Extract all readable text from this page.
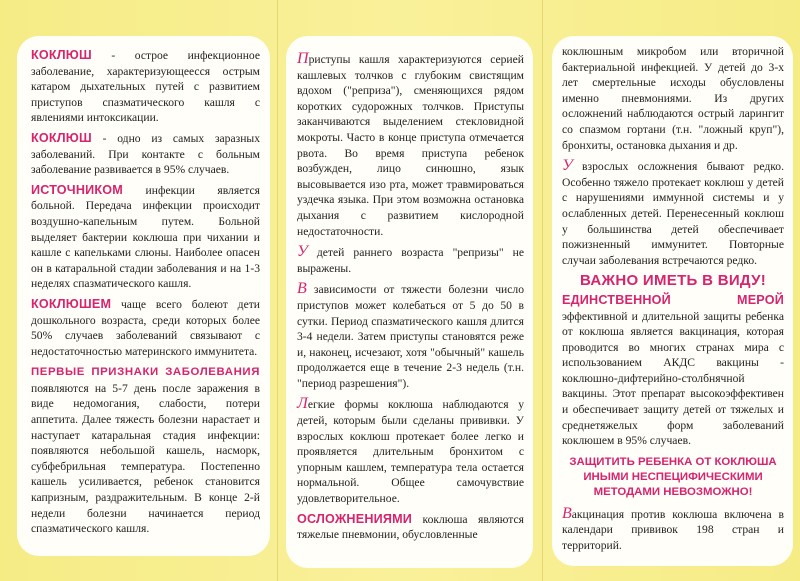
КОКЛЮШ - острое инфекционное заболевание, характеризующеесся острым катаром дыхательных путей с развитием приступов спазматического кашля с явлениями интоксикации.

КОКЛЮШ - одно из самых заразных заболеваний. При контакте с больным заболевание развивается в 95% случаев.

ИСТОЧНИКОМ инфекции является больной. Передача инфекции происходит воздушно-капельным путем. Больной выделяет бактерии коклюша при чихании и кашле с капельками слюны. Наиболее опасен он в катаральной стадии заболевания и на 1-3 неделях спазматического кашля.

КОКЛЮШЕМ чаще всего болеют дети дошкольного возраста, среди которых более 50% случаев заболеваний связывают с недостаточностью материнского иммунитета.

ПЕРВЫЕ ПРИЗНАКИ ЗАБОЛЕВАНИЯ появляются на 5-7 день после заражения в виде недомогания, слабости, потери аппетита. Далее тяжесть болезни нарастает и наступает катаральная стадия инфекции: появляются небольшой кашель, насморк, субфебрильная температура. Постепенно кашель усиливается, ребенок становится капризным, раздражительным. В конце 2-й недели болезни начинается период спазматического кашля.

Приступы кашля характеризуются серией кашлевых толчков с глубоким свистящим вдохом ("реприза"), сменяющихся рядом коротких судорожных толчков. Приступы заканчиваются выделением стекловидной мокроты. Часто в конце приступа отмечается рвота. Во время приступа ребенок возбужден, лицо синюшно, язык высовывается изо рта, может травмироваться уздечка языка. При этом возможна остановка дыхания с развитием кислородной недостаточности.

У детей раннего возраста "репризы" не выражены.

В зависимости от тяжести болезни число приступов может колебаться от 5 до 50 в сутки. Период спазматического кашля длится 3-4 недели. Затем приступы становятся реже и, наконец, исчезают, хотя "обычный" кашель продолжается еще в течение 2-3 недель (т.н. "период разрешения").

Легкие формы коклюша наблюдаются у детей, которым были сделаны прививки. У взрослых коклюш протекает более легко и проявляется длительным бронхитом с упорным кашлем, температура тела остается нормальной. Общее самочувствие удовлетворительное.

ОСЛОЖНЕНИЯМИ коклюша являются тяжелые пневмонии, обусловленные

коклюшным микробом или вторичной бактериальной инфекцией. У детей до 3-х лет смертельные исходы обусловлены именно пневмониями. Из других осложнений наблюдаются острый ларингит со спазмом гортани (т.н. "ложный круп"), бронхиты, остановка дыхания и др.

У взрослых осложнения бывают редко. Особенно тяжело протекает коклюш у детей с нарушениями иммунной системы и у ослабленных детей. Перенесенный коклюш у большинства детей обеспечивает пожизненный иммунитет. Повторные случаи заболевания встречаются редко.

ВАЖНО ИМЕТЬ В ВИДУ!

ЕДИНСТВЕННОЙ МЕРОЙ эффективной и длительной защиты ребенка от коклюша является вакцинация, которая проводится во многих странах мира с использованием АКДС вакцины - коклюшно-дифтерийно-столбнячной вакцины. Этот препарат высокоэффективен и обеспечивает защиту детей от тяжелых и среднетяжелых форм заболеваний коклюшем в 95% случаев.

ЗАЩИТИТЬ РЕБЕНКА ОТ КОКЛЮША ИНЫМИ НЕСПЕЦИФИЧЕСКИМИ МЕТОДАМИ НЕВОЗМОЖНО!

Вакцинация против коклюша включена в календари прививок 198 стран и территорий.
